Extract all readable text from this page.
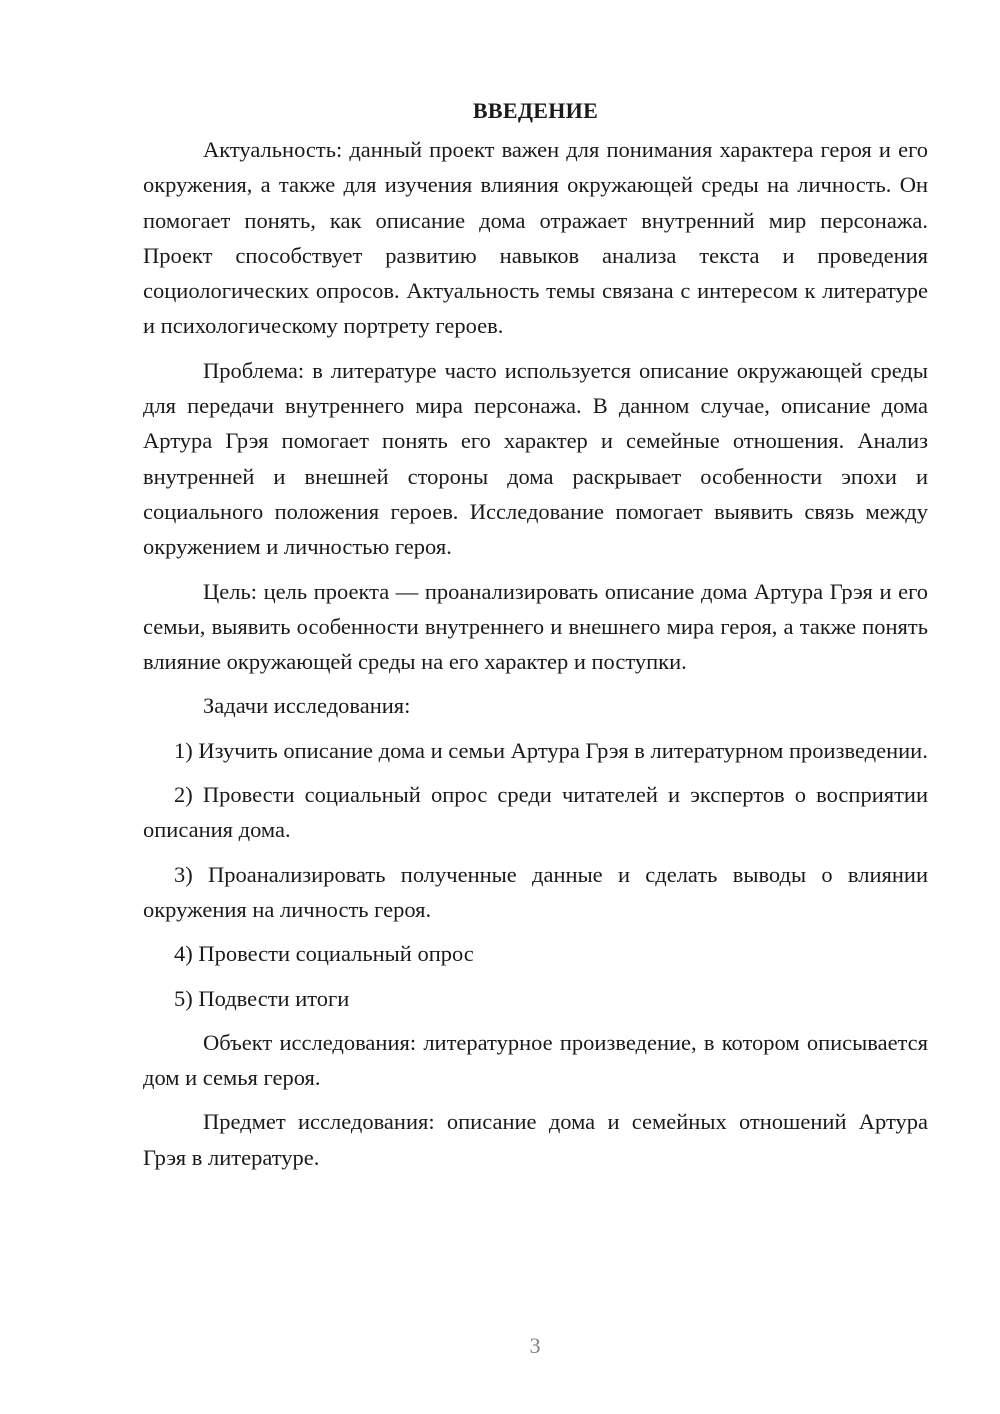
ВВЕДЕНИЕ

Актуальность: данный проект важен для понимания характера героя и его окружения, а также для изучения влияния окружающей среды на личность. Он помогает понять, как описание дома отражает внутренний мир персонажа. Проект способствует развитию навыков анализа текста и проведения социологических опросов. Актуальность темы связана с интересом к литературе и психологическому портрету героев.

Проблема: в литературе часто используется описание окружающей среды для передачи внутреннего мира персонажа. В данном случае, описание дома Артура Грэя помогает понять его характер и семейные отношения. Анализ внутренней и внешней стороны дома раскрывает особенности эпохи и социального положения героев. Исследование помогает выявить связь между окружением и личностью героя.

Цель: цель проекта — проанализировать описание дома Артура Грэя и его семьи, выявить особенности внутреннего и внешнего мира героя, а также понять влияние окружающей среды на его характер и поступки.

Задачи исследования:

1) Изучить описание дома и семьи Артура Грэя в литературном произведении.

2) Провести социальный опрос среди читателей и экспертов о восприятии описания дома.

3) Проанализировать полученные данные и сделать выводы о влиянии окружения на личность героя.

4) Провести социальный опрос

5) Подвести итоги

Объект исследования: литературное произведение, в котором описывается дом и семья героя.

Предмет исследования: описание дома и семейных отношений Артура Грэя в литературе.

3
